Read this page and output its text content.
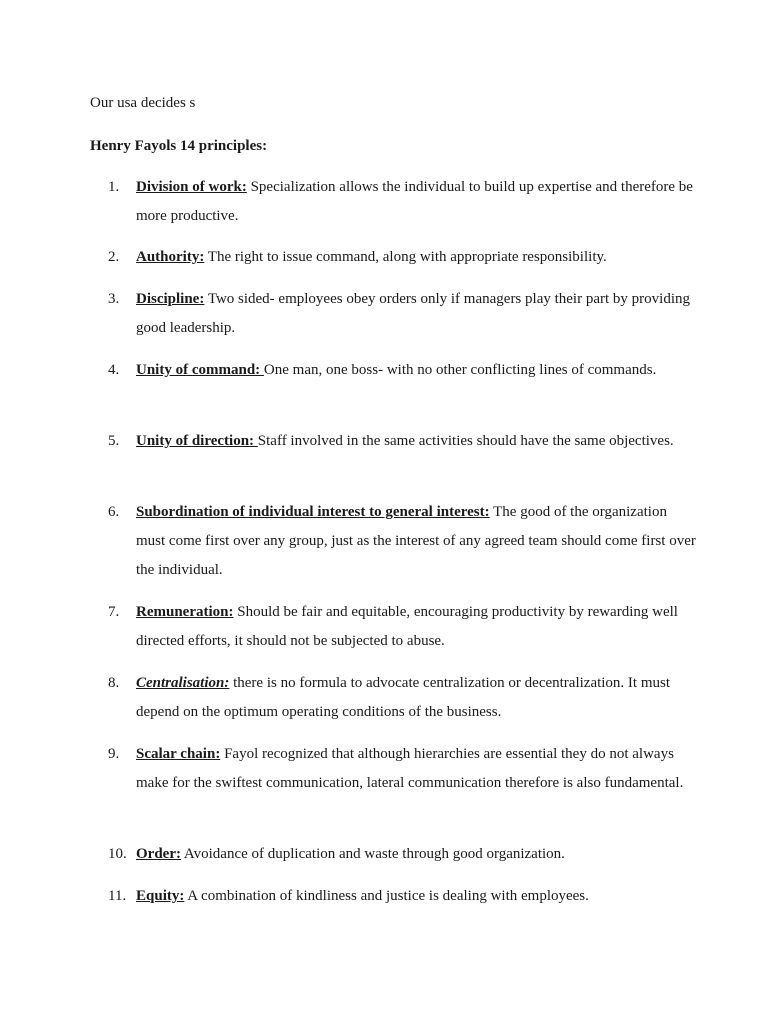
Our usa decides s
Henry Fayols 14 principles:
1.	Division of work: Specialization allows the individual to build up expertise and therefore be more productive.
2.	Authority: The right to issue command, along with appropriate responsibility.
3.	Discipline: Two sided- employees obey orders only if managers play their part by providing good leadership.
4.	Unity of command: One man, one boss- with no other conflicting lines of commands.
5.	Unity of direction: Staff involved in the same activities should have the same objectives.
6.	Subordination of individual interest to general interest: The good of the organization must come first over any group, just as the interest of any agreed team should come first over the individual.
7.	Remuneration: Should be fair and equitable, encouraging productivity by rewarding well directed efforts, it should not be subjected to abuse.
8.	Centralisation: there is no formula to advocate centralization or decentralization. It must depend on the optimum operating conditions of the business.
9.	Scalar chain: Fayol recognized that although hierarchies are essential they do not always make for the swiftest communication, lateral communication therefore is also fundamental.
10. Order: Avoidance of duplication and waste through good organization.
11. Equity: A combination of kindliness and justice is dealing with employees.
